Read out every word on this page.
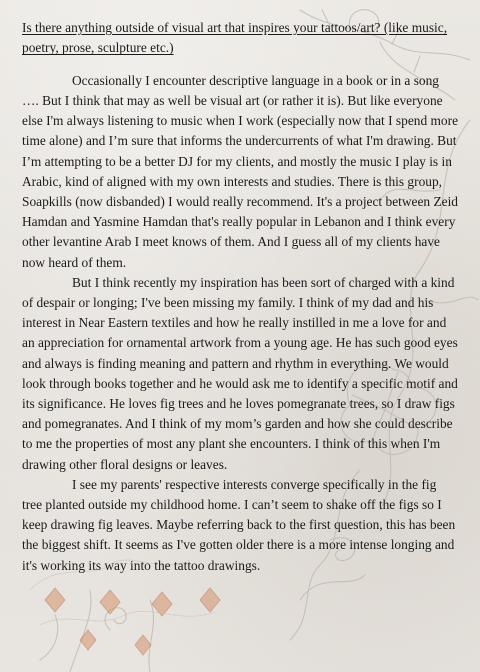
Is there anything outside of visual art that inspires your tattoos/art? (like music, poetry, prose, sculpture etc.)

Occasionally I encounter descriptive language in a book or in a song …. But I think that may as well be visual art (or rather it is). But like everyone else I'm always listening to music when I work (especially now that I spend more time alone) and I’m sure that informs the undercurrents of what I'm drawing. But I’m attempting to be a better DJ for my clients, and mostly the music I play is in Arabic, kind of aligned with my own interests and studies. There is this group, Soapkills (now disbanded) I would really recommend. It's a project between Zeid Hamdan and Yasmine Hamdan that's really popular in Lebanon and I think every other levantine Arab I meet knows of them. And I guess all of my clients have now heard of them.

But I think recently my inspiration has been sort of charged with a kind of despair or longing; I've been missing my family. I think of my dad and his interest in Near Eastern textiles and how he really instilled in me a love for and an appreciation for ornamental artwork from a young age. He has such good eyes and always is finding meaning and pattern and rhythm in everything. We would look through books together and he would ask me to identify a specific motif and its significance. He loves fig trees and he loves pomegranate trees, so I draw figs and pomegranates. And I think of my mom’s garden and how she could describe to me the properties of most any plant she encounters. I think of this when I'm drawing other floral designs or leaves.

I see my parents' respective interests converge specifically in the fig tree planted outside my childhood home. I can’t seem to shake off the figs so I keep drawing fig leaves. Maybe referring back to the first question, this has been the biggest shift. It seems as I've gotten older there is a more intense longing and it's working its way into the tattoo drawings.
